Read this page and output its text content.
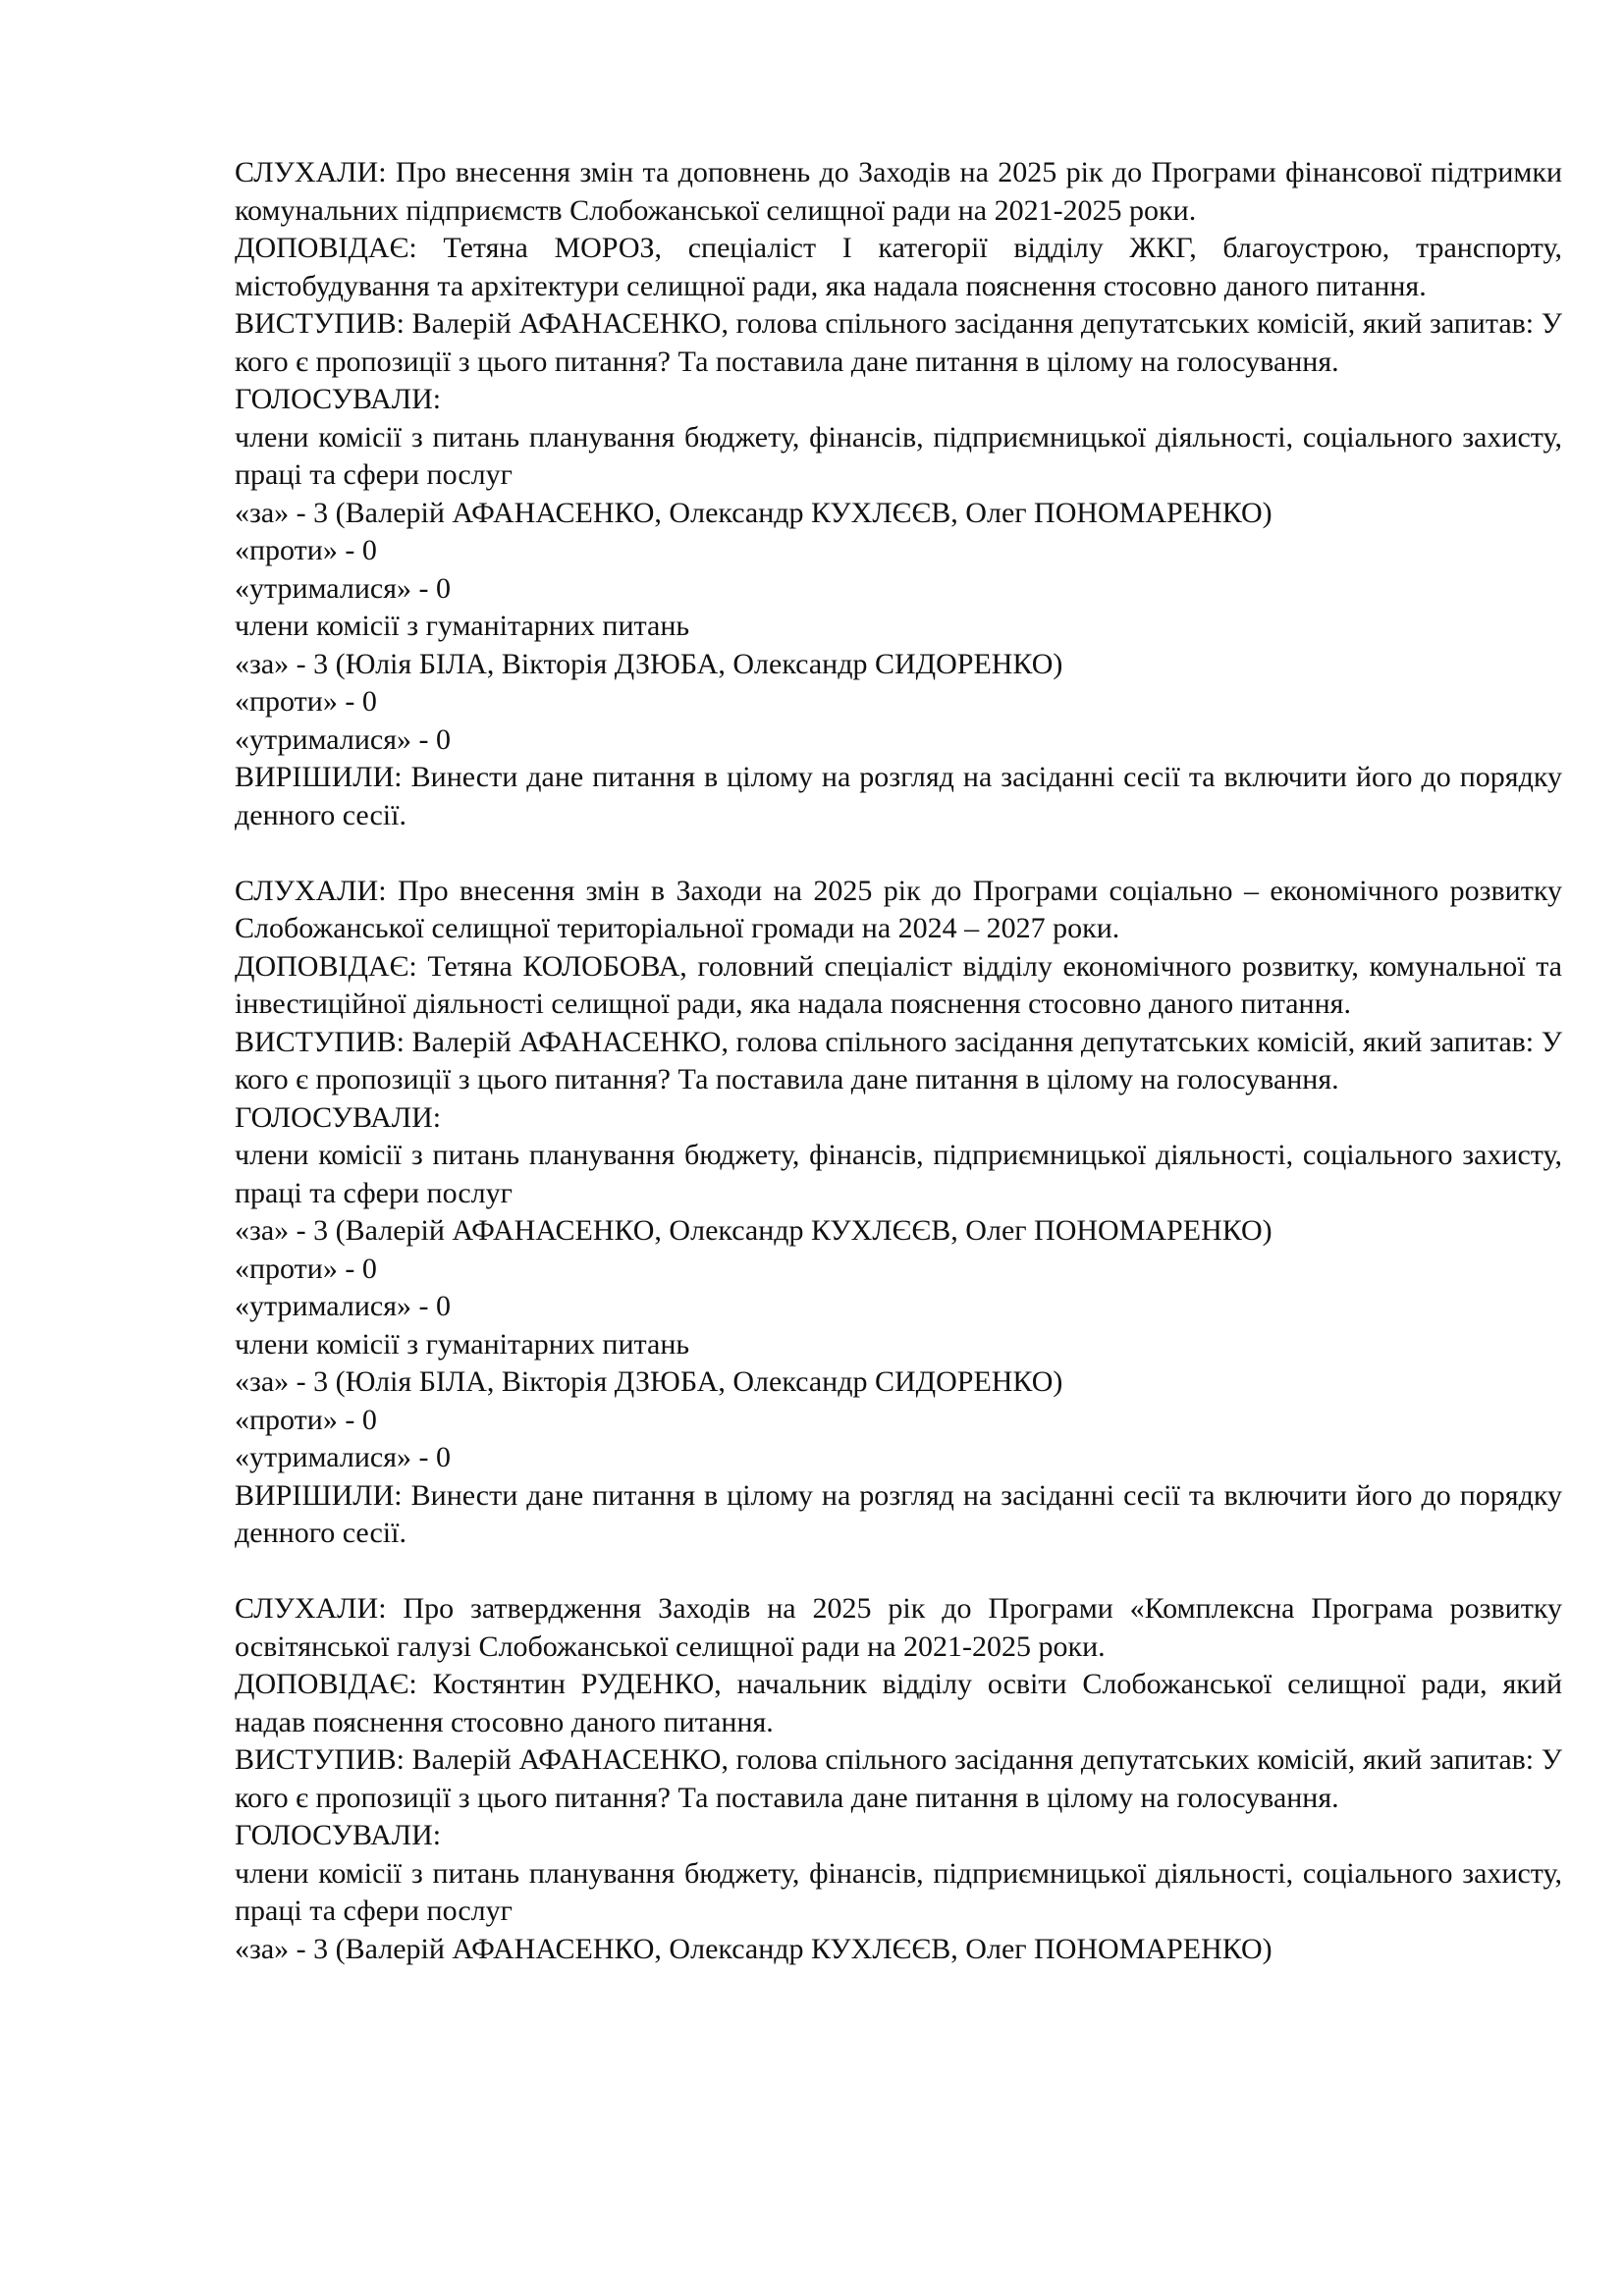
СЛУХАЛИ: Про внесення змін та доповнень до Заходів на 2025 рік до Програми фінансової підтримки комунальних підприємств Слобожанської селищної ради на 2021-2025 роки.

ДОПОВІДАЄ: Тетяна МОРОЗ, спеціаліст І категорії відділу ЖКГ, благоустрою, транспорту, містобудування та архітектури селищної ради, яка надала пояснення стосовно даного питання.

ВИСТУПИВ: Валерій АФАНАСЕНКО, голова спільного засідання депутатських комісій, який запитав: У кого є пропозиції з цього питання? Та поставила дане питання в цілому на голосування.

ГОЛОСУВАЛИ:

члени комісії з питань планування бюджету, фінансів, підприємницької діяльності, соціального захисту, праці та сфери послуг

«за» - 3 (Валерій АФАНАСЕНКО, Олександр КУХЛЄЄВ, Олег ПОНОМАРЕНКО)

«проти» - 0

«утрималися» - 0

члени комісії з гуманітарних питань

«за» - 3 (Юлія БІЛА, Вікторія ДЗЮБА, Олександр СИДОРЕНКО)

«проти» - 0

«утрималися» - 0

ВИРІШИЛИ: Винести дане питання в цілому на розгляд на засіданні сесії та включити його до порядку денного сесії.

СЛУХАЛИ: Про внесення змін в Заходи на 2025 рік до Програми соціально – економічного розвитку Слобожанської селищної територіальної громади на 2024 – 2027 роки.

ДОПОВІДАЄ: Тетяна КОЛОБОВА, головний спеціаліст відділу економічного розвитку, комунальної та інвестиційної діяльності селищної ради, яка надала пояснення стосовно даного питання.

ВИСТУПИВ: Валерій АФАНАСЕНКО, голова спільного засідання депутатських комісій, який запитав: У кого є пропозиції з цього питання? Та поставила дане питання в цілому на голосування.

ГОЛОСУВАЛИ:

члени комісії з питань планування бюджету, фінансів, підприємницької діяльності, соціального захисту, праці та сфери послуг

«за» - 3 (Валерій АФАНАСЕНКО, Олександр КУХЛЄЄВ, Олег ПОНОМАРЕНКО)

«проти» - 0

«утрималися» - 0

члени комісії з гуманітарних питань

«за» - 3 (Юлія БІЛА, Вікторія ДЗЮБА, Олександр СИДОРЕНКО)

«проти» - 0

«утрималися» - 0

ВИРІШИЛИ: Винести дане питання в цілому на розгляд на засіданні сесії та включити його до порядку денного сесії.

СЛУХАЛИ: Про затвердження Заходів на 2025 рік до Програми «Комплексна Програма розвитку освітянської галузі Слобожанської селищної ради на 2021-2025 роки.

ДОПОВІДАЄ: Костянтин РУДЕНКО, начальник відділу освіти Слобожанської селищної ради, який надав пояснення стосовно даного питання.

ВИСТУПИВ: Валерій АФАНАСЕНКО, голова спільного засідання депутатських комісій, який запитав: У кого є пропозиції з цього питання? Та поставила дане питання в цілому на голосування.

ГОЛОСУВАЛИ:

члени комісії з питань планування бюджету, фінансів, підприємницької діяльності, соціального захисту, праці та сфери послуг

«за» - 3 (Валерій АФАНАСЕНКО, Олександр КУХЛЄЄВ, Олег ПОНОМАРЕНКО)
